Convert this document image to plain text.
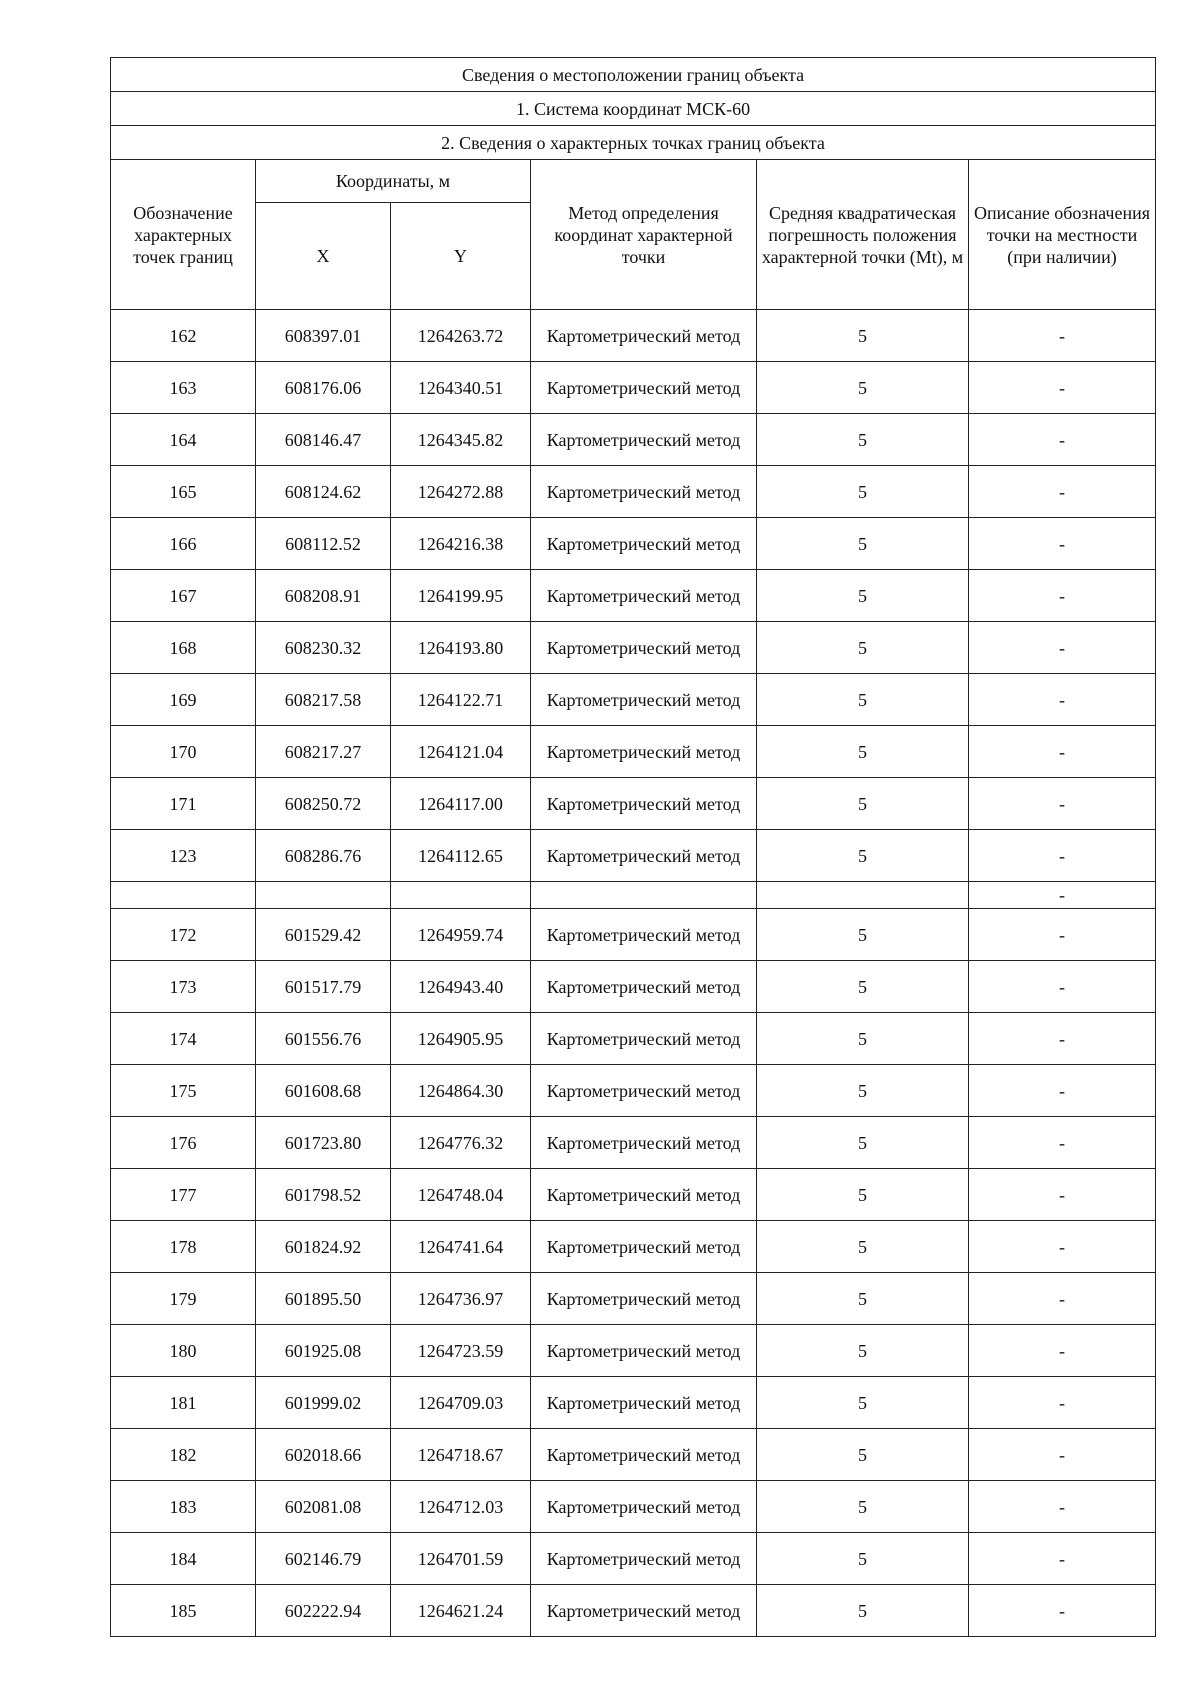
Сведения о местоположении границ объекта					
1. Система координат МСК-60					
2. Сведения о характерных точках границ объекта					
Обозначение характерных точек границ	Координаты, м		Метод определения координат характерной точки	Средняя квадратическая погрешность положения характерной точки (Mt), м	Описание обозначения точки на местности (при наличии)
	X	Y			
162	608397.01	1264263.72	Картометрический метод	5	-
163	608176.06	1264340.51	Картометрический метод	5	-
164	608146.47	1264345.82	Картометрический метод	5	-
165	608124.62	1264272.88	Картометрический метод	5	-
166	608112.52	1264216.38	Картометрический метод	5	-
167	608208.91	1264199.95	Картометрический метод	5	-
168	608230.32	1264193.80	Картометрический метод	5	-
169	608217.58	1264122.71	Картометрический метод	5	-
170	608217.27	1264121.04	Картометрический метод	5	-
171	608250.72	1264117.00	Картометрический метод	5	-
123	608286.76	1264112.65	Картометрический метод	5	-
					-
172	601529.42	1264959.74	Картометрический метод	5	-
173	601517.79	1264943.40	Картометрический метод	5	-
174	601556.76	1264905.95	Картометрический метод	5	-
175	601608.68	1264864.30	Картометрический метод	5	-
176	601723.80	1264776.32	Картометрический метод	5	-
177	601798.52	1264748.04	Картометрический метод	5	-
178	601824.92	1264741.64	Картометрический метод	5	-
179	601895.50	1264736.97	Картометрический метод	5	-
180	601925.08	1264723.59	Картометрический метод	5	-
181	601999.02	1264709.03	Картометрический метод	5	-
182	602018.66	1264718.67	Картометрический метод	5	-
183	602081.08	1264712.03	Картометрический метод	5	-
184	602146.79	1264701.59	Картометрический метод	5	-
185	602222.94	1264621.24	Картометрический метод	5	-
